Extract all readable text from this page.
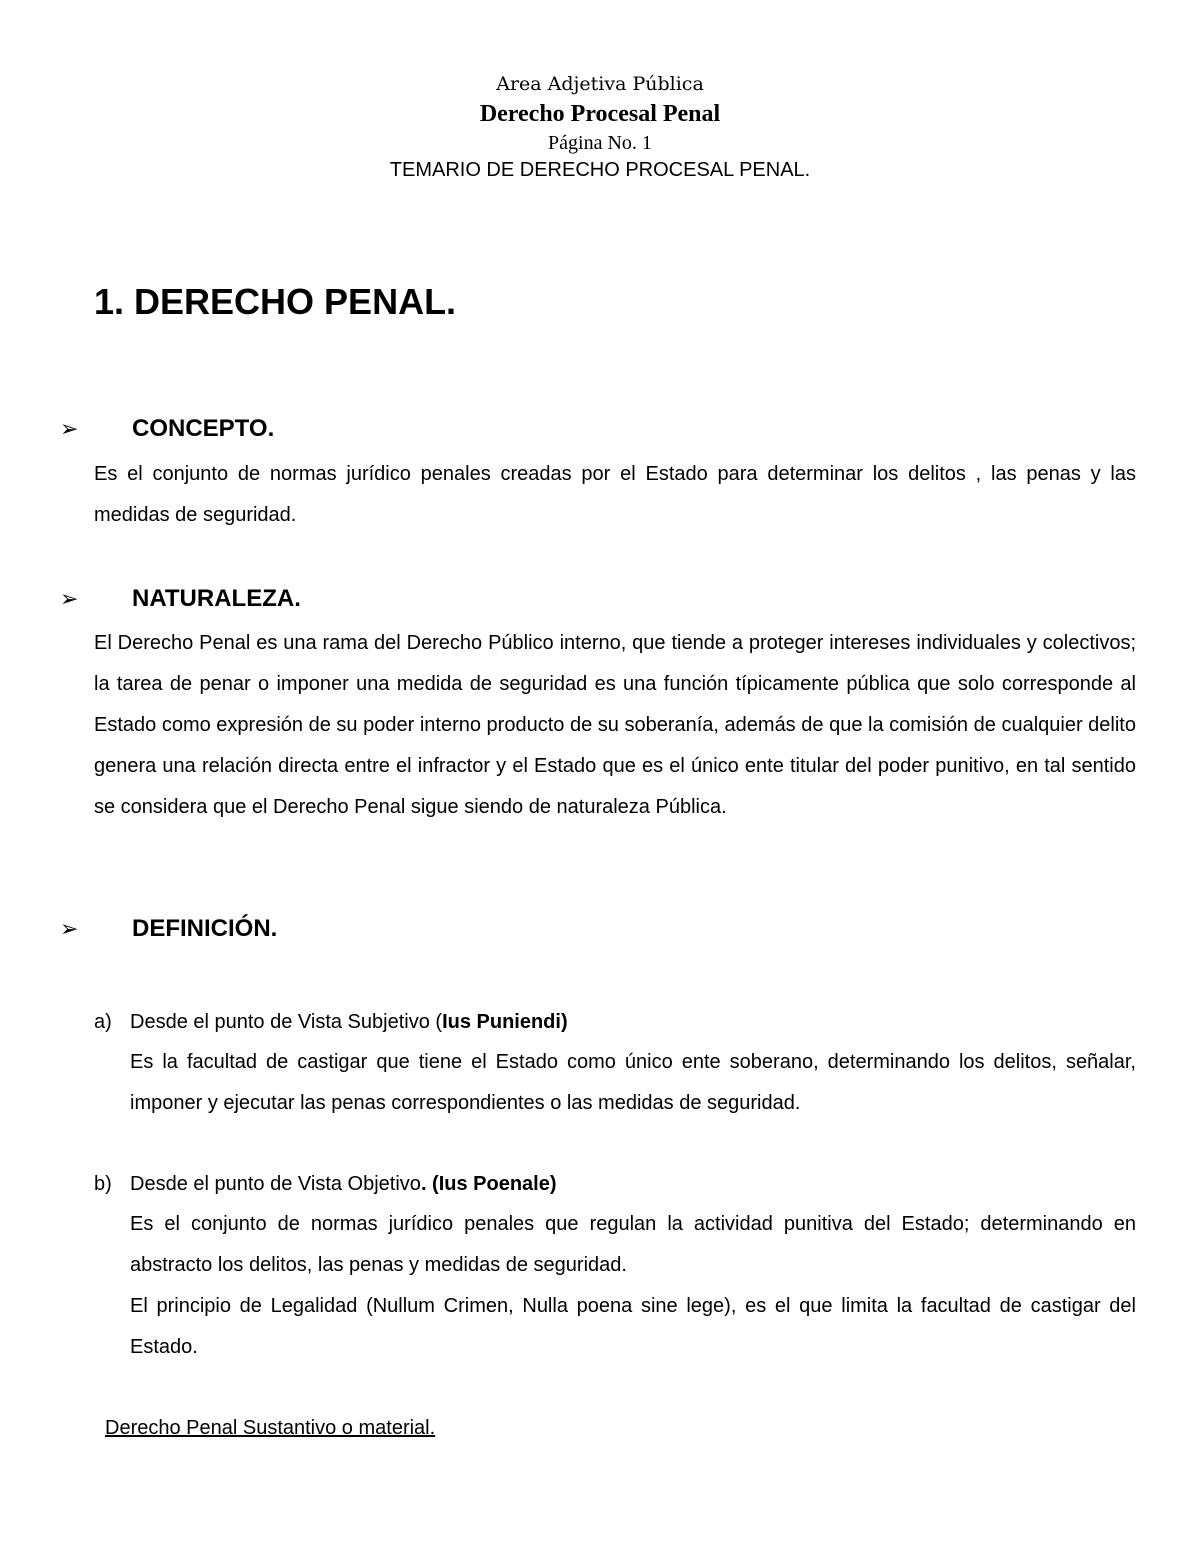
Area Adjetiva Pública
Derecho Procesal Penal
Página No. 1
TEMARIO DE DERECHO PROCESAL PENAL.
1. DERECHO PENAL.
➢ CONCEPTO.
Es el conjunto de normas jurídico penales creadas por el Estado para determinar los delitos , las penas y las medidas de seguridad.
➢ NATURALEZA.
El Derecho Penal es una rama del Derecho Público interno, que tiende a proteger intereses individuales y colectivos; la tarea de penar o imponer una medida de seguridad es una función típicamente pública que solo corresponde al Estado como expresión de su poder interno producto de su soberanía, además de que la comisión de cualquier delito genera una relación directa entre el infractor y el Estado que es el único ente titular del poder punitivo, en tal sentido se considera que el Derecho Penal sigue siendo de naturaleza Pública.
➢ DEFINICIÓN.
a) Desde el punto de Vista Subjetivo (Ius Puniendi)
Es la facultad de castigar que tiene el Estado como único ente soberano, determinando los delitos, señalar, imponer y ejecutar las penas correspondientes o las medidas de seguridad.
b) Desde el punto de Vista Objetivo. (Ius Poenale)
Es el conjunto de normas jurídico penales que regulan la actividad punitiva del Estado; determinando en abstracto los delitos, las penas y medidas de seguridad.
El principio de Legalidad (Nullum Crimen, Nulla poena sine lege), es el que limita la facultad de castigar del Estado.
Derecho Penal Sustantivo o material.
